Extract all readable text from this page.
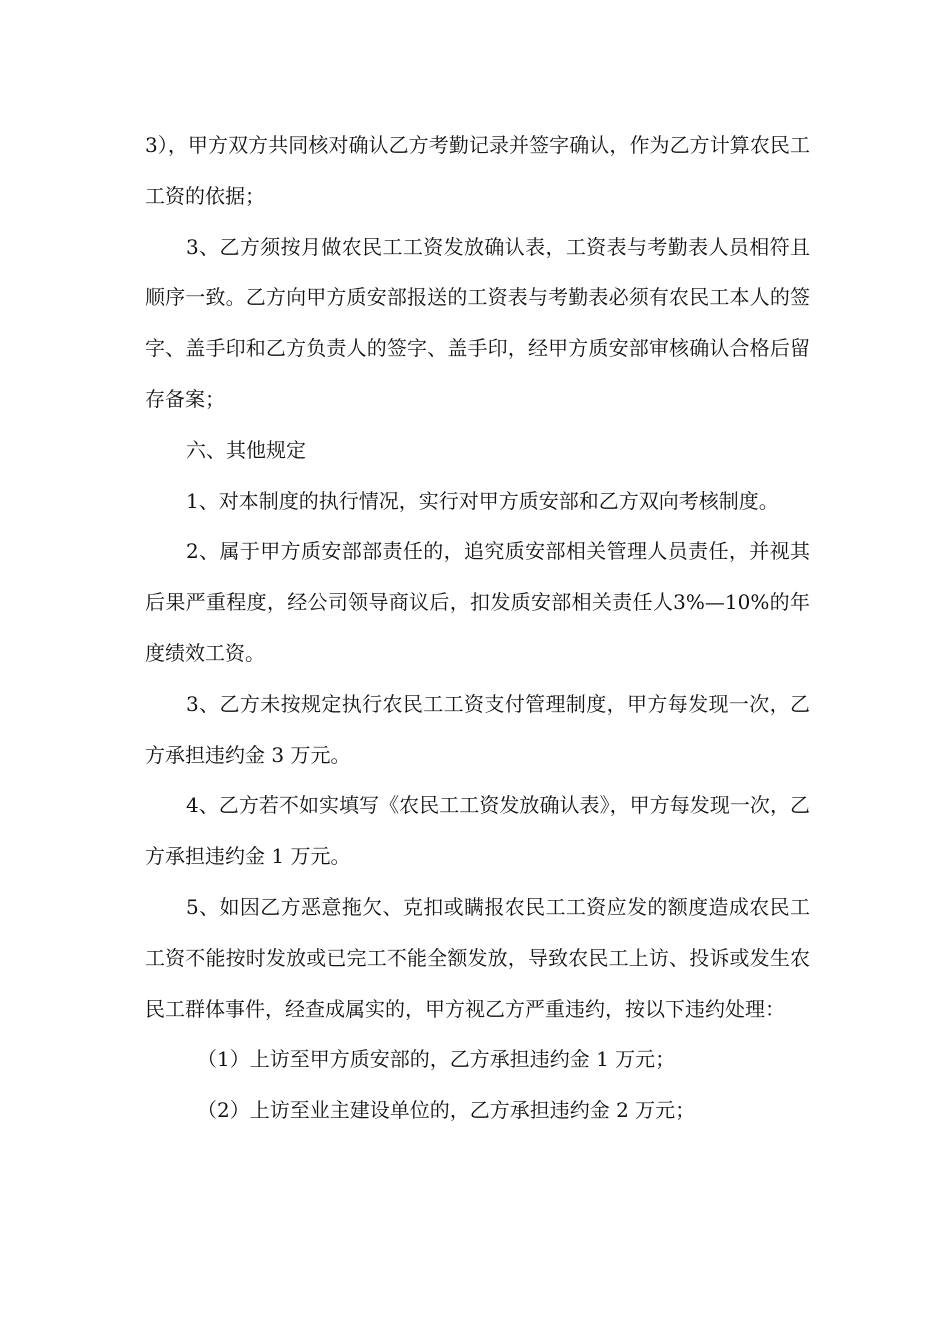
3），甲方双方共同核对确认乙方考勤记录并签字确认，作为乙方计算农民工工资的依据；

3、乙方须按月做农民工工资发放确认表，工资表与考勤表人员相符且顺序一致。乙方向甲方质安部报送的工资表与考勤表必须有农民工本人的签字、盖手印和乙方负责人的签字、盖手印，经甲方质安部审核确认合格后留存备案；

六、其他规定

1、对本制度的执行情况，实行对甲方质安部和乙方双向考核制度。

2、属于甲方质安部部责任的，追究质安部相关管理人员责任，并视其后果严重程度，经公司领导商议后，扣发质安部相关责任人3%—10%的年度绩效工资。

3、乙方未按规定执行农民工工资支付管理制度，甲方每发现一次，乙方承担违约金 3 万元。

4、乙方若不如实填写《农民工工资发放确认表》，甲方每发现一次，乙方承担违约金 1 万元。

5、如因乙方恶意拖欠、克扣或瞒报农民工工资应发的额度造成农民工工资不能按时发放或已完工不能全额发放，导致农民工上访、投诉或发生农民工群体事件，经查成属实的，甲方视乙方严重违约，按以下违约处理：

（1）上访至甲方质安部的，乙方承担违约金 1 万元；

（2）上访至业主建设单位的，乙方承担违约金 2 万元；
